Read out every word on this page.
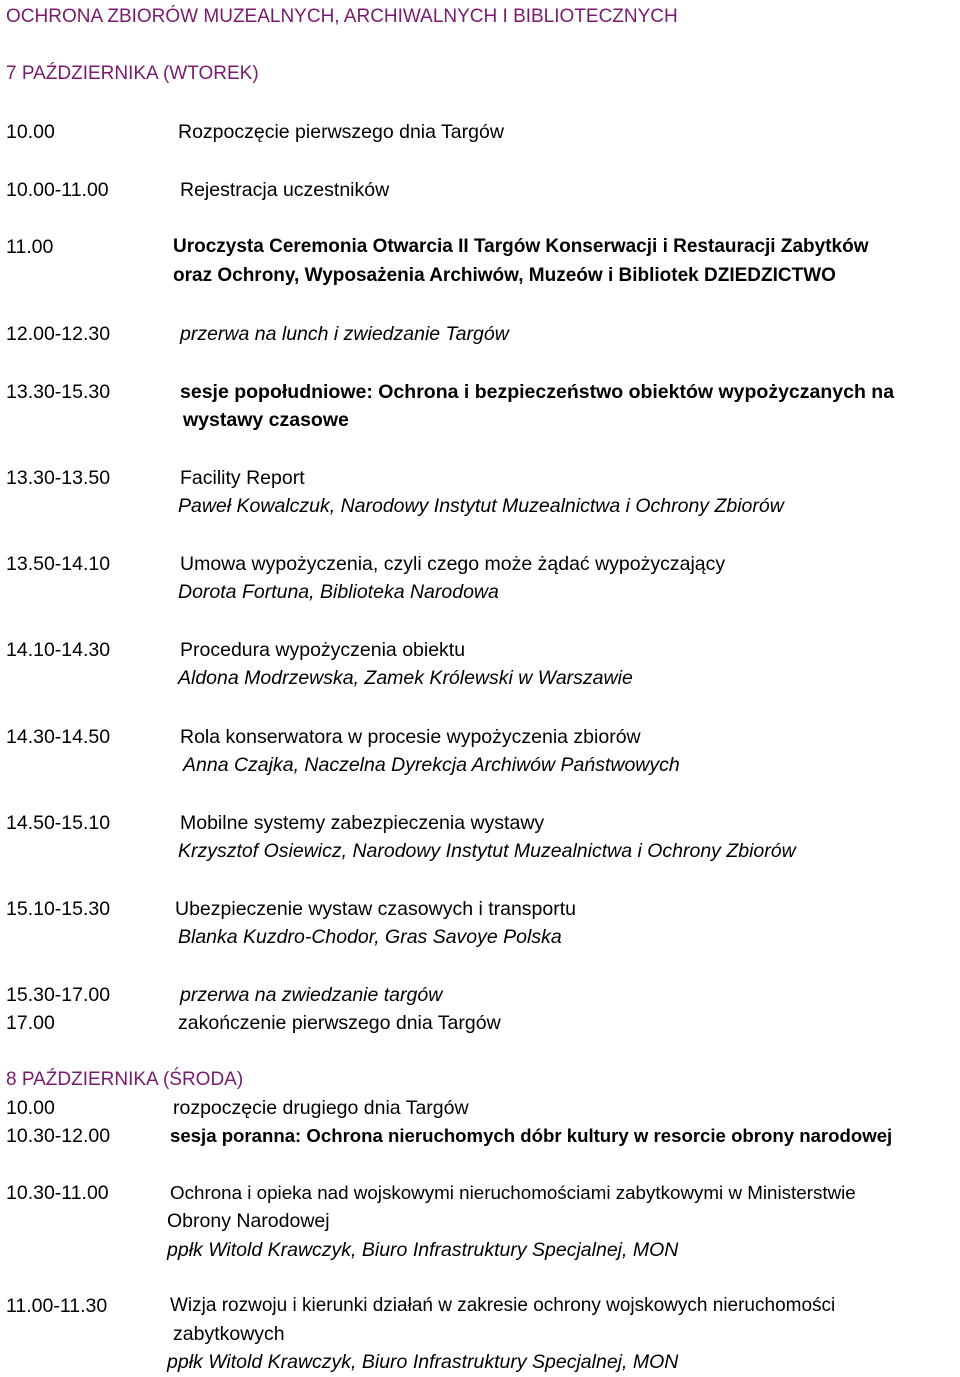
OCHRONA ZBIORÓW MUZEALNYCH, ARCHIWALNYCH I BIBLIOTECZNYCH
7 PAŹDZIERNIKA (WTOREK)

10.00	Rozpoczęcie pierwszego dnia Targów

10.00-11.00	Rejestracja uczestników

11.00	Uroczysta Ceremonia Otwarcia II Targów Konserwacji i Restauracji Zabytków

oraz Ochrony, Wyposażenia Archiwów, Muzeów i Bibliotek DZIEDZICTWO

12.00-12.30	przerwa na lunch i zwiedzanie Targów

13.30-15.30	sesje popołudniowe: Ochrona i bezpieczeństwo obiektów wypożyczanych na

wystawy czasowe

13.30-13.50	Facility Report

Paweł Kowalczuk, Narodowy Instytut Muzealnictwa i Ochrony Zbiorów

13.50-14.10	Umowa wypożyczenia, czyli czego może żądać wypożyczający

Dorota Fortuna, Biblioteka Narodowa

14.10-14.30	Procedura wypożyczenia obiektu

Aldona Modrzewska, Zamek Królewski w Warszawie

14.30-14.50	Rola konserwatora w procesie wypożyczenia zbiorów

Anna Czajka, Naczelna Dyrekcja Archiwów Państwowych

14.50-15.10	Mobilne systemy zabezpieczenia wystawy

Krzysztof Osiewicz, Narodowy Instytut Muzealnictwa i Ochrony Zbiorów

15.10-15.30	Ubezpieczenie wystaw czasowych i transportu

Blanka Kuzdro-Chodor, Gras Savoye Polska

15.30-17.00	przerwa na zwiedzanie targów

17.00	zakończenie pierwszego dnia Targów

8 PAŹDZIERNIKA (ŚRODA)

10.00	rozpoczęcie drugiego dnia Targów

10.30-12.00	sesja poranna: Ochrona nieruchomych dóbr kultury w resorcie obrony narodowej

10.30-11.00	Ochrona i opieka nad wojskowymi nieruchomościami zabytkowymi w Ministerstwie

Obrony Narodowej

ppłk Witold Krawczyk, Biuro Infrastruktury Specjalnej, MON

11.00-11.30	Wizja rozwoju i kierunki działań w zakresie ochrony wojskowych nieruchomości

zabytkowych

ppłk Witold Krawczyk, Biuro Infrastruktury Specjalnej, MON
